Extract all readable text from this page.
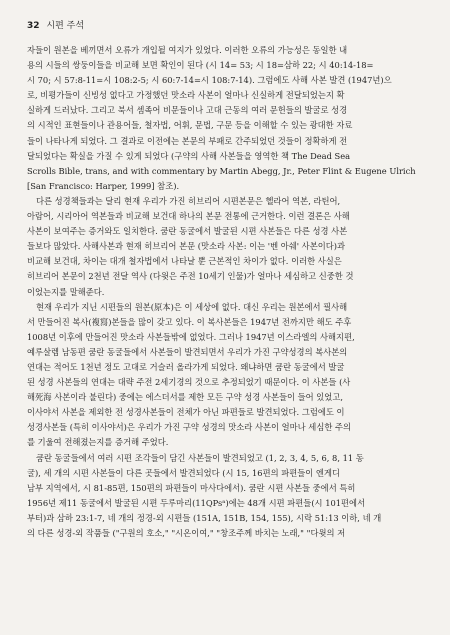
32 시편 주석
자들이 원본을 베끼면서 오류가 개입될 여지가 있었다. 이러한 오류의 가능성은 동일한 내
용의 시들의 쌍둥이들을 비교해 보면 확인이 된다 (시 14= 53; 시 18=삼하 22; 시 40:14-18=
시 70; 시 57:8-11=시 108:2-5; 시 60:7-14=시 108:7-14). 그럼에도 사해 사본 발견 (1947년)으
로, 비평가들이 신빙성 없다고 가정했던 맛소라 사본이 얼마나 신실하게 전달되었는지 확
실하게 드러났다. 그리고 북서 셈족어 비문들이나 고대 근동의 여러 문헌들의 발굴로 성경
의 시적인 표현들이나 관용어들, 철자법, 어휘, 문법, 구문 등을 이해할 수 있는 광대한 자료
들이 나타나게 되었다. 그 결과로 이전에는 본문의 부패로 간주되었던 것들이 정확하게 전
달되었다는 확실을 가질 수 있게 되었다 (구약의 사해 사본들을 영역한 책 The Dead Sea
Scrolls Bible, trans, and with commentary by Martin Abegg, Jr., Peter Flint & Eugene Ulrich
[San Francisco: Harper, 1999] 참조).
다른 성경책들과는 달리 현재 우리가 가진 히브리어 시편본문은 헬라어 역본, 라틴어,
아람어, 시리아어 역본들과 비교해 보건대 하나의 본문 전통에 근거한다. 이런 결론은 사해
사본이 보여주는 증거와도 일치한다. 쿰란 동굴에서 발굴된 시편 사본들은 다른 성경 사본
들보다 많았다. 사해사본과 현재 히브리어 본문 (맛소라 사본: 이는 '벤 아쉐' 사본이다)과
비교해 보건대, 차이는 대개 철자법에서 나타날 뿐 근본적인 차이가 없다. 이러한 사실은
히브리어 본문이 2천년 전달 역사 (다윗은 주전 10세기 인물)가 얼마나 세심하고 신중한 것
이었는지를 말해준다.
현재 우리가 지닌 시편들의 원본(原本)은 이 세상에 없다. 대신 우리는 원본에서 필사해
서 만들어진 복사(複寫)본들을 많이 갖고 있다. 이 복사본들은 1947년 전까지만 해도 주후
1008년 이후에 만들어진 맛소라 사본들밖에 없었다. 그러나 1947년 이스라엘의 사해지편,
예루살렘 남동편 쿰란 동굴들에서 사본들이 발견되면서 우리가 가진 구약성경의 복사본의
연대는 적어도 1천년 정도 고대로 거슬러 올라가게 되었다. 왜냐하면 쿰란 동굴에서 발굴
된 성경 사본들의 연대는 대략 주전 2세기경의 것으로 추정되었기 때문이다. 이 사본들 (사
해死海 사본이라 불린다) 중에는 에스더서를 제한 모든 구약 성경 사본들이 들어 있었고,
이사야서 사본을 제외한 전 성경사본들이 전체가 아닌 파편들로 발견되었다. 그럼에도 이
성경사본들 (특히 이사야서)은 우리가 가진 구약 성경의 맛소라 사본이 얼마나 세심한 주의
를 기울여 전해졌는지를 증거해 주었다.
쿰란 동굴들에서 여러 시편 조각들이 담긴 사본들이 발견되었고 (1, 2, 3, 4, 5, 6, 8, 11 동
굴), 세 개의 시편 사본들이 다른 곳들에서 발견되었다 (시 15, 16편의 파편들이 엔게디
남부 지역에서, 시 81-85편, 150편의 파편들이 마사다에서). 쿰란 시편 사본들 중에서 특히
1956년 제11 동굴에서 발굴된 시편 두루마리(11QPsᵃ)에는 48개 시편 파편들(시 101편에서
부터)과 삼하 23:1-7, 네 개의 정경-외 시편들 (151A, 151B, 154, 155), 시락 51:13 이하, 네 개
의 다른 성경-외 작품들 ("구원의 호소," "시온이여," "창조주께 바치는 노래," "다윗의 저
